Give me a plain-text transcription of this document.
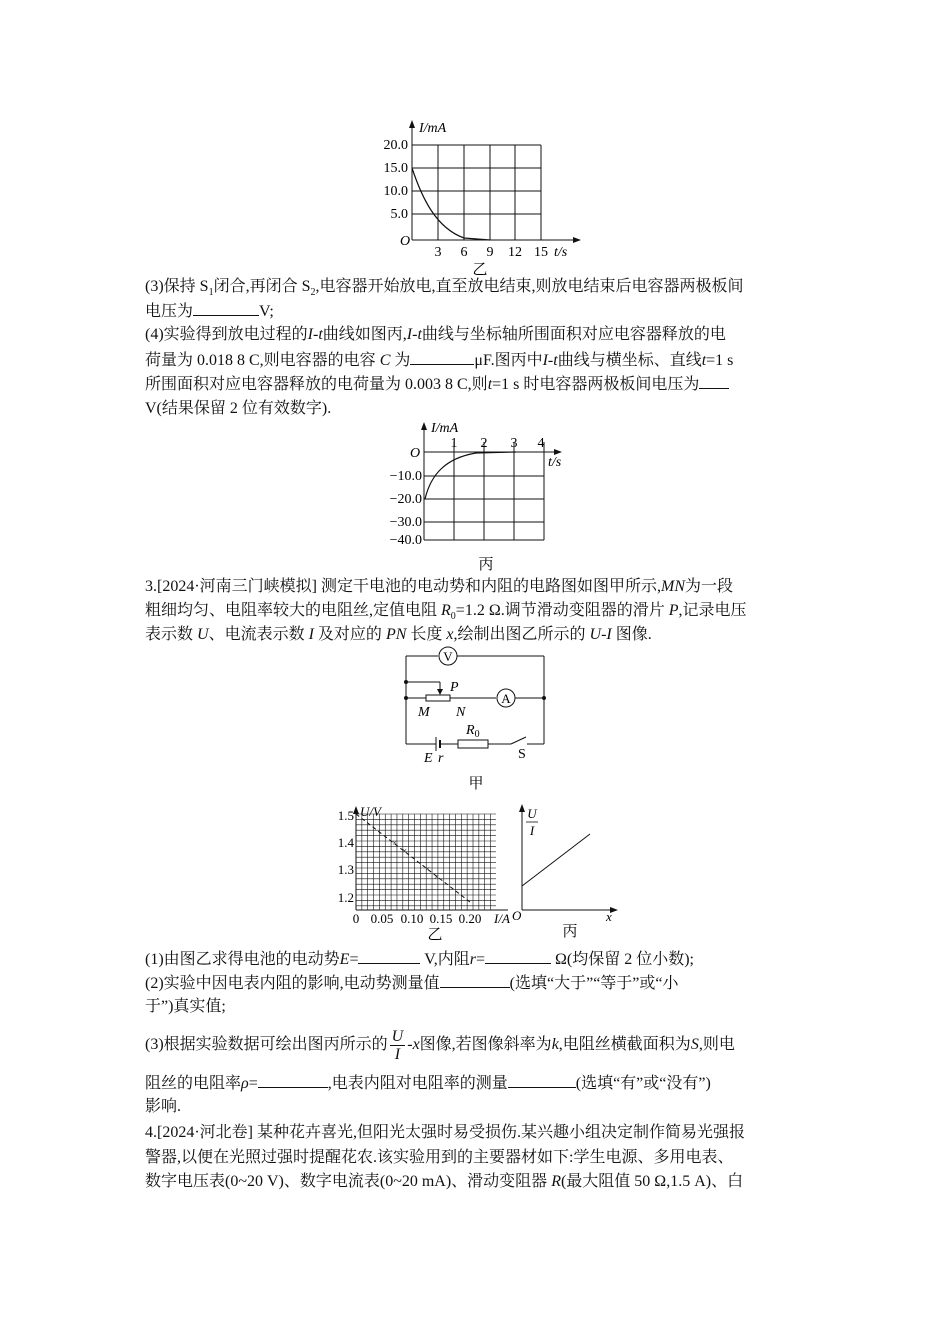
I/mA
20.0
15.0
10.0
5.0
O
3 6 9 12 15 t/s
乙
(3)保持 $S_1$闭合,再闭合 $S_2$,电容器开始放电,直至放电结束,则放电结束后电容器两极板间
电压为	V;
(4)实验得到放电过程的I-t曲线如图丙,I-t曲线与坐标轴所围面积对应电容器释放的电
荷量为 0.018 8 C,则电容器的电容 C 为	μF.图丙中I-t曲线与横坐标、直线t=1 s
所围面积对应电容器释放的电荷量为 0.003 8 C,则t=1 s 时电容器两极板间电压为
V(结果保留 2 位有效数字).
I/mA
1 2 3 4
O
t/s
−10.0
−20.0
−30.0
−40.0
丙
3.[2024·河南三门峡模拟] 测定干电池的电动势和内阻的电路图如图甲所示,MN为一段
粗细均匀、电阻率较大的电阻丝,定值电阻 $R_0=1.2$ Ω.调节滑动变阻器的滑片 P,记录电压
表示数 U、电流表示数 I 及对应的 PN 长度 x,绘制出图乙所示的 U-I 图像.
V
A
P
M N
$R_0$
E r	S
甲
×
×
×
×
U/V
1.5
1.4
1.3
1.2
0 0.05 0.10 0.15 0.20 I/A
乙
U
I
O	x
丙
(1)由图乙求得电池的电动势E=	V,内阻r=	Ω(均保留 2 位小数);
(2)实验中因电表内阻的影响,电动势测量值	(选填“大于”“等于”或“小
于”)真实值;
(3)根据实验数据可绘出图丙所示的 $\frac{U}{I} -x$图像,若图像斜率为k,电阻丝横截面积为S,则电
阻丝的电阻率ρ=	,电表内阻对电阻率的测量	(选填“有”或“没有”)
影响.
4.[2024·河北卷] 某种花卉喜光,但阳光太强时易受损伤.某兴趣小组决定制作简易光强报
警器,以便在光照过强时提醒花农.该实验用到的主要器材如下:学生电源、多用电表、
数字电压表(0~20 V)、数字电流表(0~20 mA)、滑动变阻器 R(最大阻值 50 Ω,1.5 A)、白
